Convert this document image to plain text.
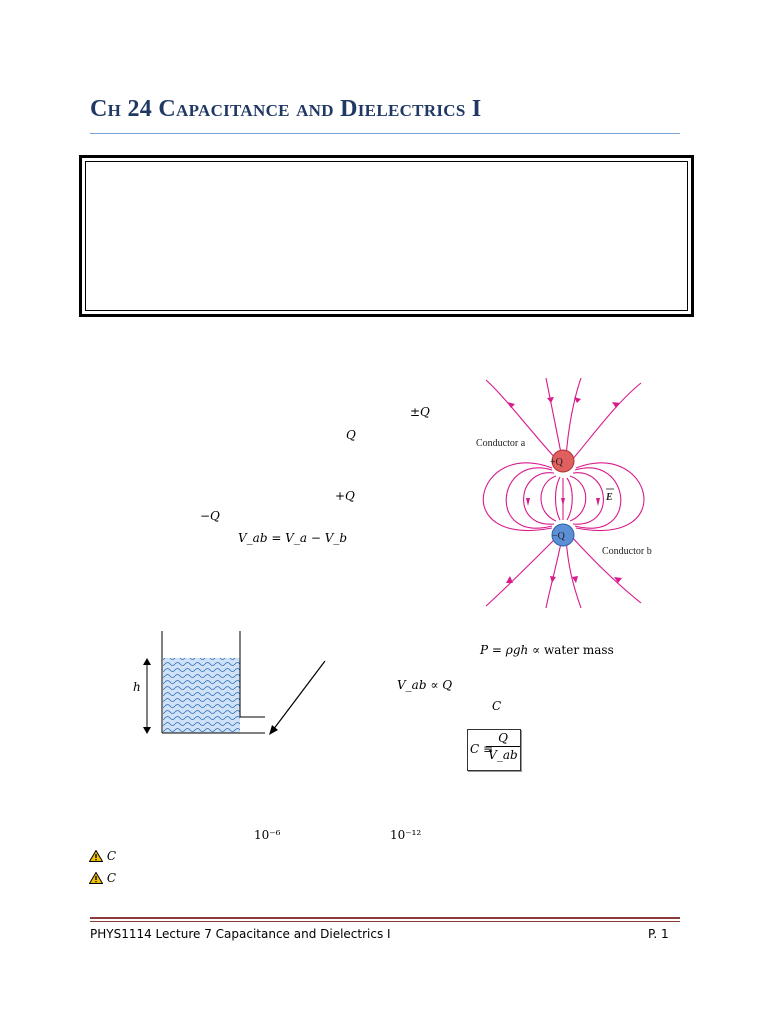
Ch 24 Capacitance and Dielectrics I
±Q
Q
+Q
−Q
V_ab = V_a − V_b
+Q
−Q
Conductor a
Conductor b
E
h
P = ρgh ∝ water mass
V_ab ∝ Q
C
C ≡
Q
V_ab
10⁻⁶	10⁻¹²
C
C
PHYS1114 Lecture 7 Capacitance and Dielectrics I	P. 1
